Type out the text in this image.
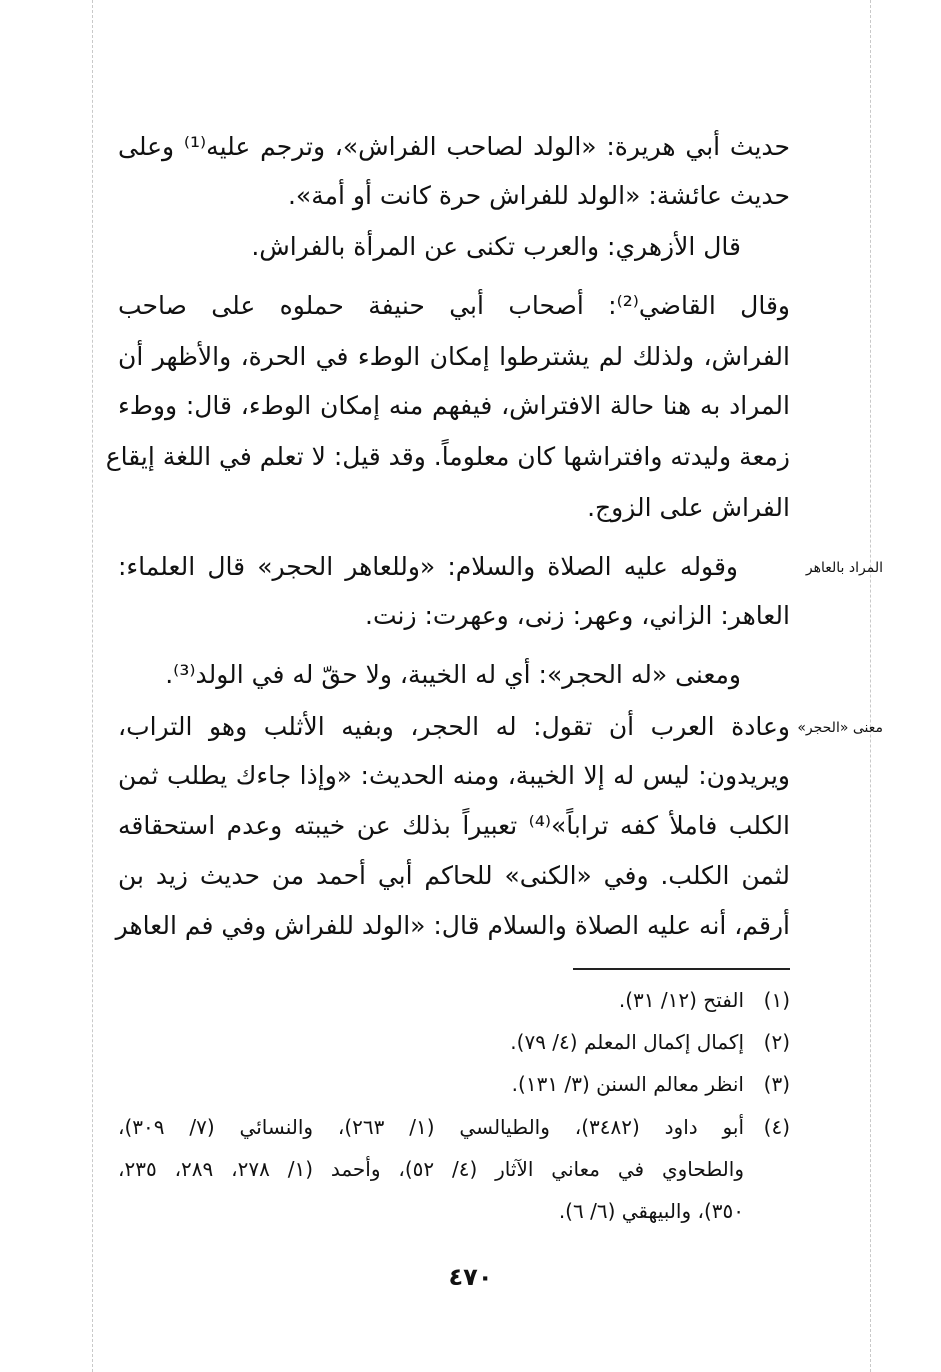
حديث أبي هريرة: «الولد لصاحب الفراش»، وترجم عليه⁽¹⁾ وعلى
حديث عائشة: «الولد للفراش حرة كانت أو أمة».
قال الأزهري: والعرب تكنى عن المرأة بالفراش.
وقال القاضي⁽²⁾: أصحاب أبي حنيفة حملوه على صاحب
الفراش، ولذلك لم يشترطوا إمكان الوطء في الحرة، والأظهر أن
المراد به هنا حالة الافتراش، فيفهم منه إمكان الوطء، قال: ووطء
زمعة وليدته وافتراشها كان معلوماً. وقد قيل: لا تعلم في اللغة إيقاع
الفراش على الزوج.
المراد بالعاهر
وقوله عليه الصلاة والسلام: «وللعاهر الحجر» قال العلماء:
العاهر: الزاني، وعهر: زنى، وعهرت: زنت.
ومعنى «له الحجر»: أي له الخيبة، ولا حقّ له في الولد⁽³⁾.
معنى «الحجر»
وعادة العرب أن تقول: له الحجر، وبفيه الأثلب وهو التراب،
ويريدون: ليس له إلا الخيبة، ومنه الحديث: «وإذا جاءك يطلب ثمن
الكلب فاملأ كفه تراباً»⁽⁴⁾ تعبيراً بذلك عن خيبته وعدم استحقاقه
لثمن الكلب. وفي «الكنى» للحاكم أبي أحمد من حديث زيد بن
أرقم، أنه عليه الصلاة والسلام قال: «الولد للفراش وفي فم العاهر
(١)الفتح (١٢/ ٣١).
(٢)إكمال إكمال المعلم (٤/ ٧٩).
(٣)انظر معالم السنن (٣/ ١٣١).
(٤)
أبو داود (٣٤٨٢)، والطيالسي (١/ ٢٦٣)، والنسائي (٧/ ٣٠٩)،
والطحاوي في معاني الآثار (٤/ ٥٢)، وأحمد (١/ ٢٧٨، ٢٨٩، ٢٣٥،
٣٥٠)، والبيهقي (٦/ ٦).
٤٧٠
